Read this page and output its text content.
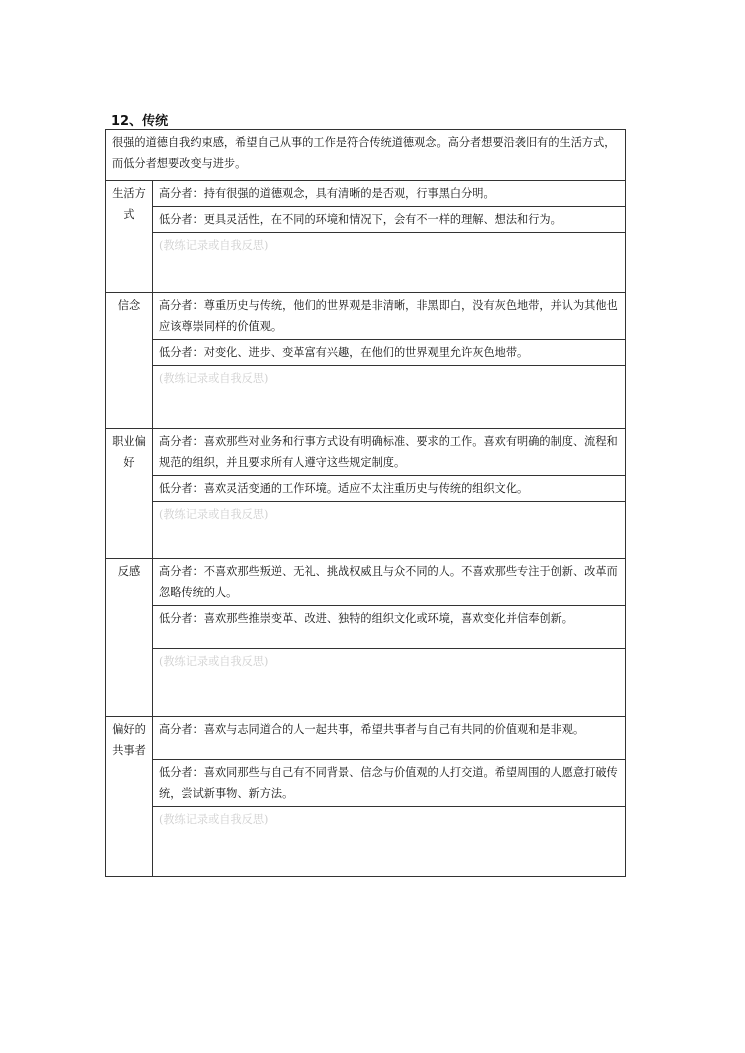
12、传统
很强的道德自我约束感，希望自己从事的工作是符合传统道德观念。高分者想要沿袭旧有的生活方式，而低分者想要改变与进步。	
生活方式	高分者：持有很强的道德观念，具有清晰的是否观，行事黑白分明。
	低分者：更具灵活性，在不同的环境和情况下，会有不一样的理解、想法和行为。
	(教练记录或自我反思)
信念	高分者：尊重历史与传统，他们的世界观是非清晰，非黑即白，没有灰色地带，并认为其他也应该尊崇同样的价值观。
	低分者：对变化、进步、变革富有兴趣，在他们的世界观里允许灰色地带。
	(教练记录或自我反思)
职业偏好	高分者：喜欢那些对业务和行事方式设有明确标准、要求的工作。喜欢有明确的制度、流程和规范的组织，并且要求所有人遵守这些规定制度。
	低分者：喜欢灵活变通的工作环境。适应不太注重历史与传统的组织文化。
	(教练记录或自我反思)
反感	高分者：不喜欢那些叛逆、无礼、挑战权威且与众不同的人。不喜欢那些专注于创新、改革而忽略传统的人。
	低分者：喜欢那些推崇变革、改进、独特的组织文化或环境，喜欢变化并信奉创新。
	(教练记录或自我反思)
偏好的共事者	高分者：喜欢与志同道合的人一起共事，希望共事者与自己有共同的价值观和是非观。
	低分者：喜欢同那些与自己有不同背景、信念与价值观的人打交道。希望周围的人愿意打破传统，尝试新事物、新方法。
	(教练记录或自我反思)
